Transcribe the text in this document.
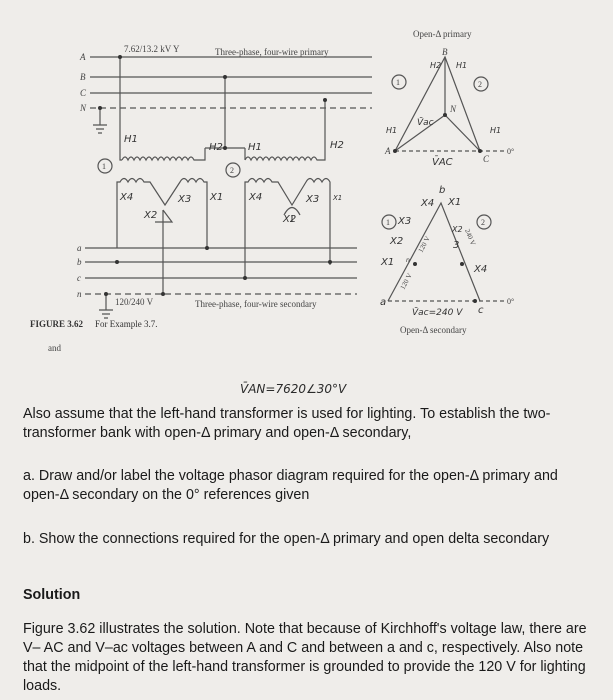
A
B
C
N
a
b
c
n
7.62/13.2 kV Y	Three-phase, four-wire primary
120/240 V	Three-phase, four-wire secondary
Open-Δ primary
Open-Δ secondary
1	2
1	2
1	2
B
A
C
N
0°
0°
120 V
120 V
240 V
H1
H2	H1	H2
X4	X3 X1	X4	X3 X1
X2	X2
H2 H1
H1	H1
V̄ac
V̄AC
b
a
c
n
X4 X1
X3
X2
X1
X2
X4
3
V̄ac=240 V
FIGURE 3.62 For Example 3.7.
and
V̄AN=7620∠30°V
Also assume that the left-hand transformer is used for lighting. To establish the two-transformer bank with open-Δ primary and open-Δ secondary,
a. Draw and/or label the voltage phasor diagram required for the open-Δ primary and open-Δ secondary on the 0° references given
b. Show the connections required for the open-Δ primary and open delta secondary
Solution
Figure 3.62 illustrates the solution. Note that because of Kirchhoff's voltage law, there are V– AC and V–ac voltages between A and C and between a and c, respectively. Also note that the midpoint of the left-hand transformer is grounded to provide the 120 V for lighting loads.
